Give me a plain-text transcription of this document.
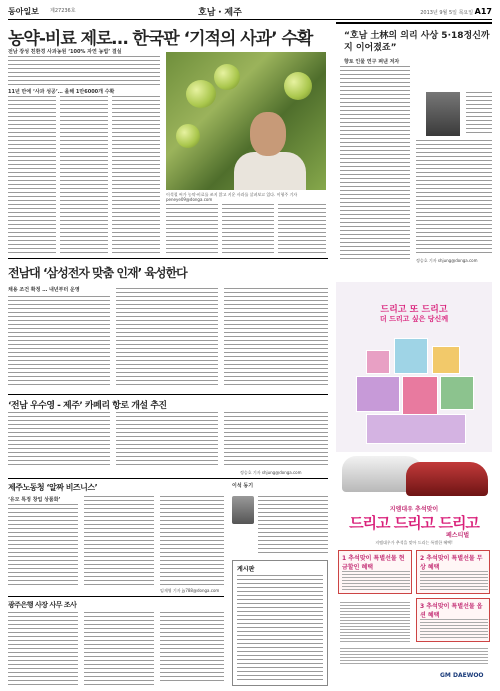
동아일보 제27236호	호남・제주	2013년 9월 5일 목요일 A17
농약-비료 제로… 한국판 ‘기적의 사과’ 수확
전남 장성 친환경 사과농원 ‘100% 자연 농법’ 결실
11년 만에 ‘사과 성공’… 올해 1만6000개 수확
이석철 씨가 농약·비료를 쓰지 않고 키운 사과를 살펴보고 있다. 이형주 기자 peneye09@donga.com
“호남 土林의 의리 사상 5·18정신까지 이어졌죠”
향토 인물 연구 펴낸 저자
정승호 기자 shjung@donga.com
전남대 ‘삼성전자 맞춤 인재’ 육성한다
채용 조건 확정 … 내년부터 운영
‘전남 우수영 - 제주’ 카페리 항로 개설 추진
정승호 기자 shjung@donga.com
제주노동청 ‘알짜 비즈니스’
‘유모 특정 창업 상품화’
임재영 기자 jy788@donga.com
이석 동기
게시판
광주은행 사장 사무 조사
드리고 또 드리고
더 드리고 싶은 당신께
지엠대우 추석맞이
드리고 드리고 드리고
페스티벌
지엠대우가 추석을 맞아 드리는 특별한 혜택!
1 추석맞이 특별선물 현금할인 혜택
2 추석맞이 특별선물 무상 혜택
3 추석맞이 특별선물 옵션 혜택
GM DAEWOO
